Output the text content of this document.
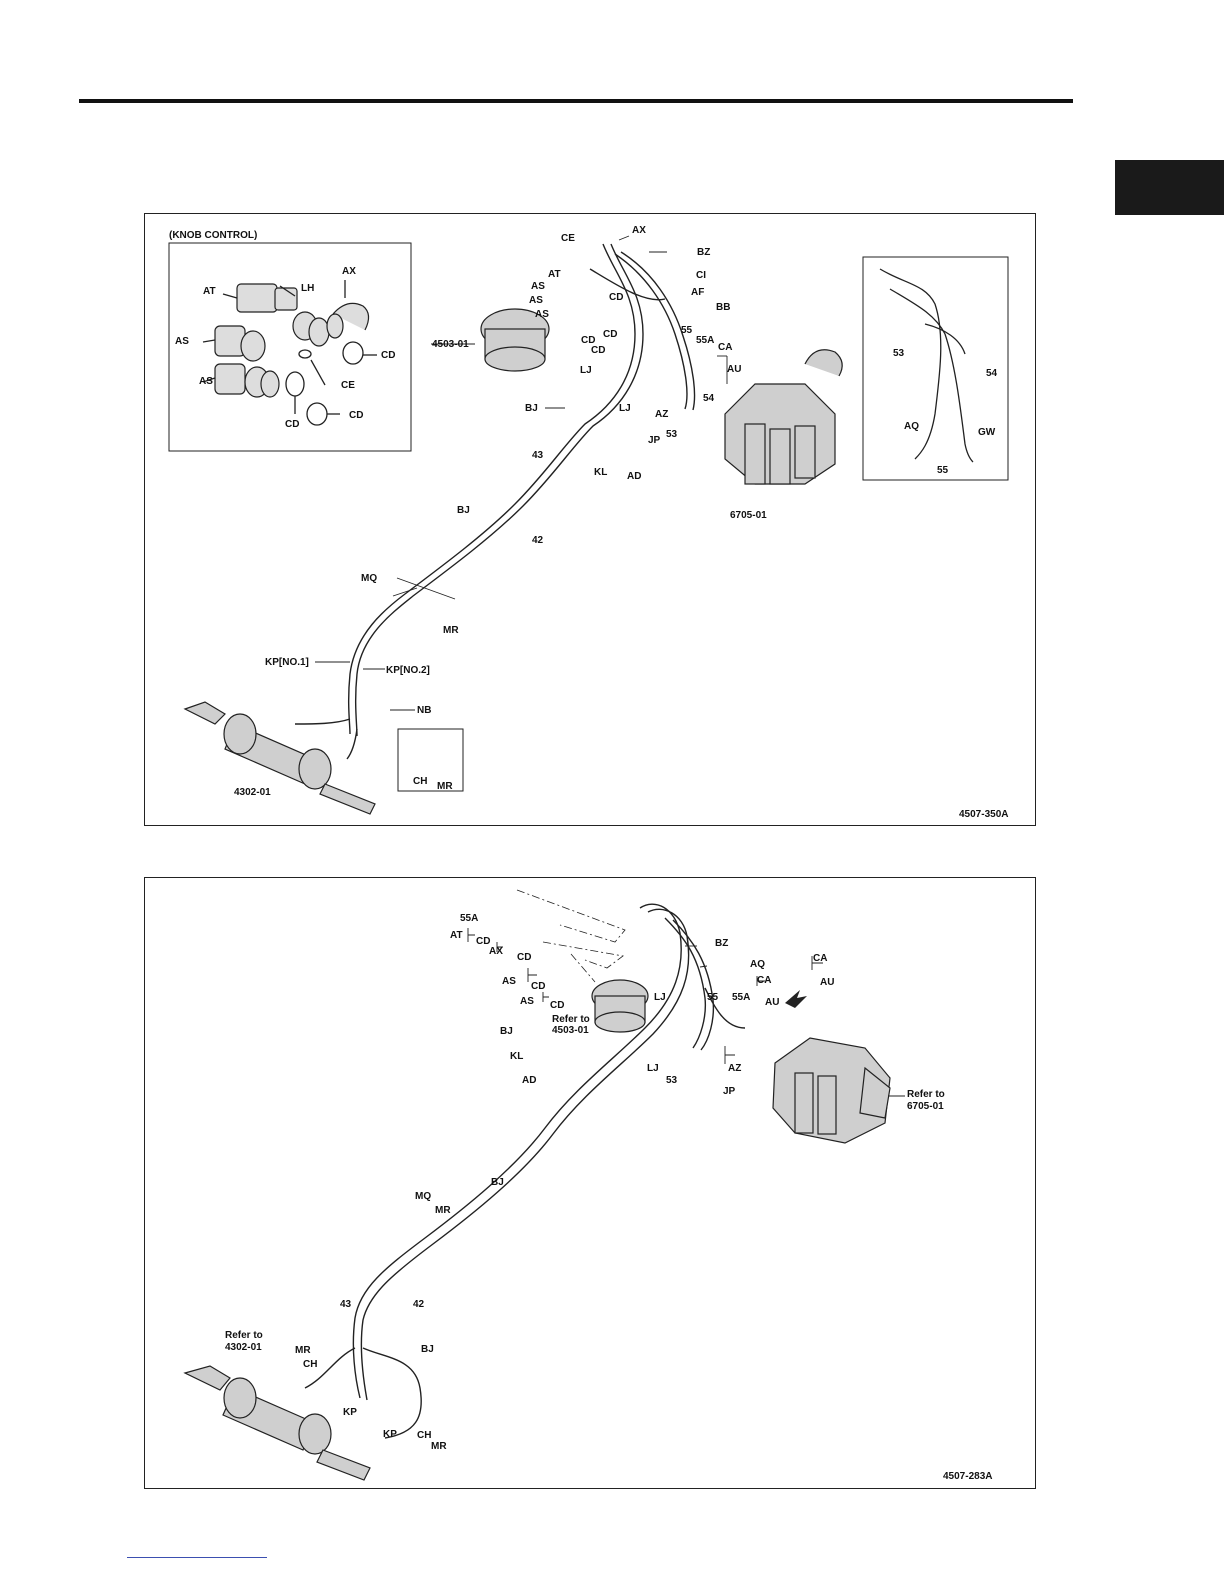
(KNOB CONTROL)
AT	LH
AX
AS
CD
AS	CE
CD
CD
CE
AX
BZ
AT
AS
CD
CI
AS
AF
BB
AS
CD
CD
CD
4503-01
55
55A
CA
AU
LJ
LJ
54
BJ
AZ
JP
53
KL AD
43
BJ
42
6705-01
MQ
MR
KP[NO.1]
KP[NO.2]
NB
4302-01
CH MR
53
54
AQ
GW
55
4507-350A
55A
AT
CD
AX
CD
BZ
AQ
CA
AU
AS CD
AS CD
LJ	55 55A
CA
AU
Refer to
4503-01
BJ
KL
AD
LJ
53
AZ
JP	Refer to
6705-01
BJ
MQ
MR
43	42
Refer to
4302-01	MR
CH
BJ
KP
KP CH
MR
4507-283A
